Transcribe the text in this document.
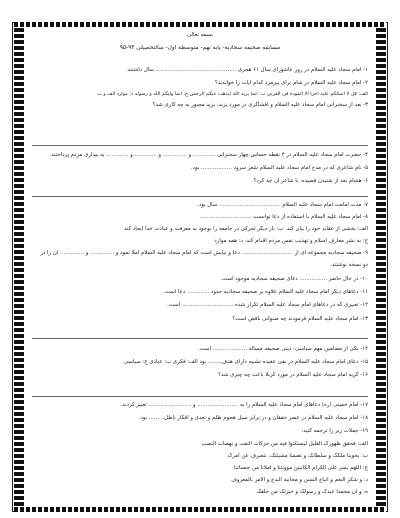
بسمه تعالی
مسابقه صحیفه سجادیه- پایه نهم- متوسطه اول- سالتحصیلی ۹۴-۹۵
۱- امام سجاد علیه السلام در روز عاشورای سال ۶۱ هجری ............................................... سال داشتند.
۲- امام سجاد علیه السلام در شام برای پیرمرد کدام آیات را خواندند؟
الف: قل لا اسئلکم علیه اجرا الا المودة فی القربی ب: انما یرید الله لیذهب عنکم الرجس ج: انما ولیکم الله و رسوله د: موارد الف و ب
۳- بعد از سخنرانی امام سجاد علیه السلام و افشاگری در مورد یزید، یزید مجبور به چه کاری شد؟
۴- حضرت امام سجاد علیه السلام در ۴ نقطه حساس چهار سخنرانی ............. و .............. و ............. و ............. به بیداری مردم پرداختند.
۵- نام شاعری که در مدح امام سجاد علیه السلام شعر سرود .................. بود.
۶- هشام بعد از شنیدن قصیده، با شاعر آن چه کرد؟
۷- مدت امامت امام سجاد علیه السلام .................................... سال بود.
۸- امام سجاد علیه السلام با استفاده از دعا توانست ..............................
الف: بخشی از عقاید خود را بیان کند. ب: بار دیگر تحرکی در جامعه را بوجود به معرفت و عبادت خدا ایجاد کند
ج: به نشر معارف اسلام و تهذیب نفس مردم اقدام کند. د: همه موارد
۹- صحیفه سجادیه مجموعه ای از .............................. دعا و نیایش است که امام سجاد علیه السلام املا نمود و .............. و .............. آن را در
دو نسخه نوشتند.
۱۰- در حال حاضر ................ دعای صحیفه سجادیه موجود است.
۱۱- دعاهای دیگر امام سجاد علیه السلام علاوه بر صحیفه سجادیه حدود ............. دعا است.
۱۲- تعبیری که در دعاهای امام سجاد علیه السلام تکرار شده .............................. است.
۱۳- امام سجاد علیه السلام فرمودند چه صنوانی ناقص است؟
۱۴- یکی از مضامین مهم سیاسی- دینی صحیفه مسأله .................... است.
۱۵- دعای امام سجاد علیه السلام در نفی عقیده تشبیه دارای هدف........ بود الف: فکری ب: عبادی ج: سیاسی
۱۶- گریه امام سجاد علیه السلام در مورد کربلا باعث چه چیزی شد؟
۱۷- امام خمینی (ره) دعاهای امام سجاد علیه السلام را به ........................ و ......................... تعبیر کردند.
۱۸- امام سجاد علیه السلام در عصر خفقان و در برابر سیل هجوم ظلم و تعدی و افکار باطل......... بود.
۱۹- جملات زیر را ترجمه کنید:
الف: فحقق ظهورک القلیل لیستکنوا فیه من حرکات التعب و نهضات النصب
ب: یحوینا ملکک و سلطانک و تضمنا مشیئتک، نتصرف عن امرک
ج: اللهم یسر علی الکرام الکاتبین موونتنا و املأنا من حسناتنا
د: و شکر النعم و اتباع السنن و مجانبه البدع و الامر بالمعروف
ه: و ان محمدا عبدک و رسولک و خیرتک من خلقک
